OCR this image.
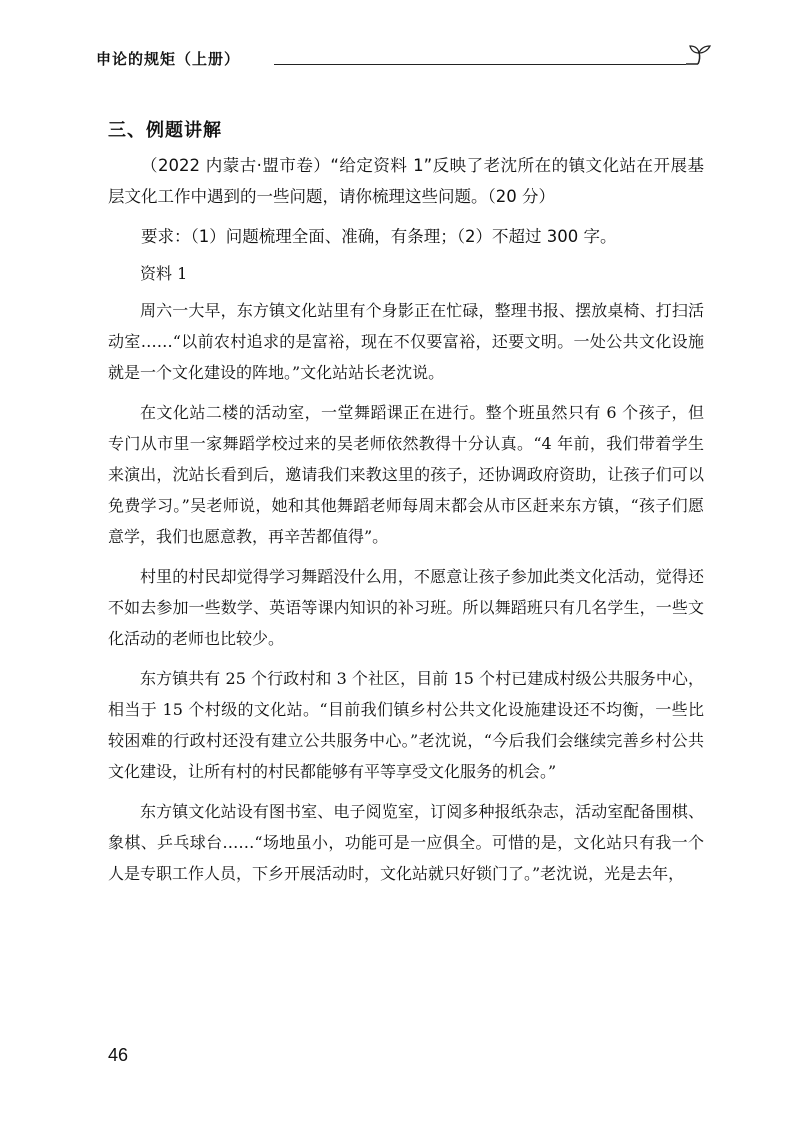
申论的规矩（上册）
三、例题讲解

（2022 内蒙古·盟市卷）“给定资料 1”反映了老沈所在的镇文化站在开展基层文化工作中遇到的一些问题，请你梳理这些问题。（20 分）

要求：（1）问题梳理全面、准确，有条理；（2）不超过 300 字。

资料 1

周六一大早，东方镇文化站里有个身影正在忙碌，整理书报、摆放桌椅、打扫活动室……“以前农村追求的是富裕，现在不仅要富裕，还要文明。一处公共文化设施就是一个文化建设的阵地。”文化站站长老沈说。

在文化站二楼的活动室，一堂舞蹈课正在进行。整个班虽然只有 6 个孩子，但专门从市里一家舞蹈学校过来的吴老师依然教得十分认真。“4 年前，我们带着学生来演出，沈站长看到后，邀请我们来教这里的孩子，还协调政府资助，让孩子们可以免费学习。”吴老师说，她和其他舞蹈老师每周末都会从市区赶来东方镇，“孩子们愿意学，我们也愿意教，再辛苦都值得”。

村里的村民却觉得学习舞蹈没什么用，不愿意让孩子参加此类文化活动，觉得还不如去参加一些数学、英语等课内知识的补习班。所以舞蹈班只有几名学生，一些文化活动的老师也比较少。

东方镇共有 25 个行政村和 3 个社区，目前 15 个村已建成村级公共服务中心，相当于 15 个村级的文化站。“目前我们镇乡村公共文化设施建设还不均衡，一些比较困难的行政村还没有建立公共服务中心。”老沈说，“今后我们会继续完善乡村公共文化建设，让所有村的村民都能够有平等享受文化服务的机会。”

东方镇文化站设有图书室、电子阅览室，订阅多种报纸杂志，活动室配备围棋、象棋、乒乓球台……“场地虽小，功能可是一应俱全。可惜的是，文化站只有我一个人是专职工作人员，下乡开展活动时，文化站就只好锁门了。”老沈说，光是去年，

46
